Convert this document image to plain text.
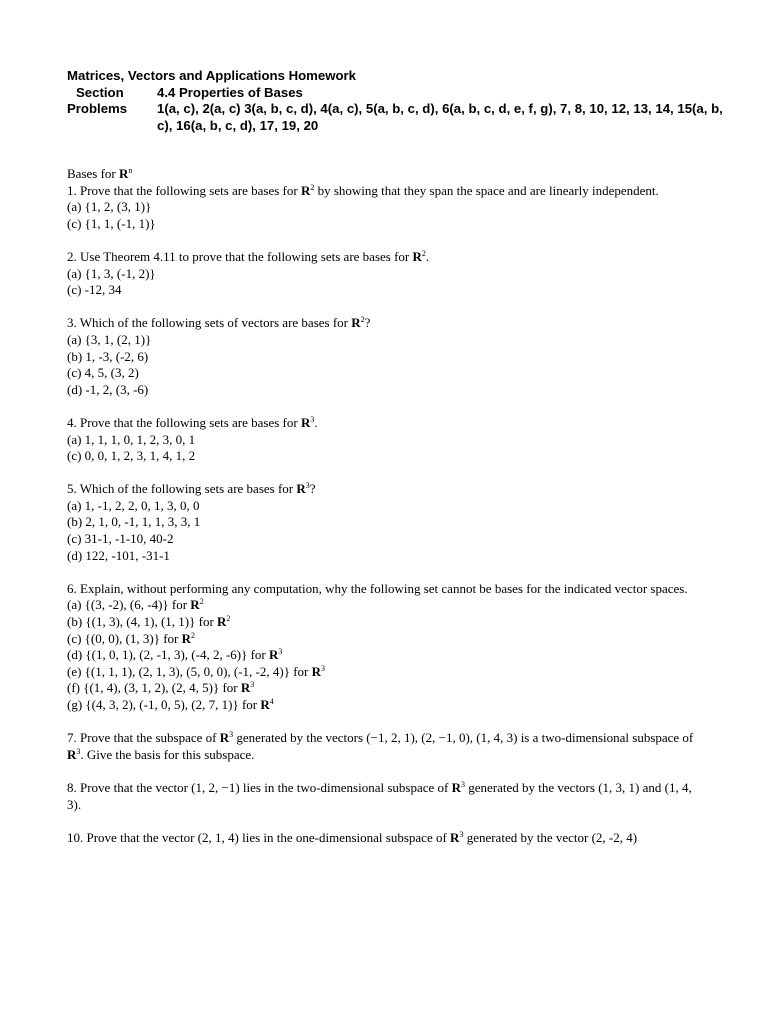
Matrices, Vectors and Applications Homework
Section	4.4 Properties of Bases
Problems	1(a, c), 2(a, c) 3(a, b, c, d), 4(a, c), 5(a, b, c, d), 6(a, b, c, d, e, f, g), 7, 8, 10, 12, 13, 14, 15(a, b, c), 16(a, b, c, d), 17, 19, 20
Bases for $R^n$
1. Prove that the following sets are bases for $R^2$ by showing that they span the space and are linearly independent.
(a) {1, 2, (3, 1)}
(c) {1, 1, (-1, 1)}
2. Use Theorem 4.11 to prove that the following sets are bases for $R^2$.
(a) {1, 3, (-1, 2)}
(c) -12, 34
3. Which of the following sets of vectors are bases for $R^2$?
(a) {3, 1, (2, 1)}
(b) 1, -3, (-2, 6)
(c) 4, 5, (3, 2)
(d) -1, 2, (3, -6)
4. Prove that the following sets are bases for $R^3$.
(a) 1, 1, 1, 0, 1, 2, 3, 0, 1
(c) 0, 0, 1, 2, 3, 1, 4, 1, 2
5. Which of the following sets are bases for $R^3$?
(a) 1, -1, 2, 2, 0, 1, 3, 0, 0
(b) 2, 1, 0, -1, 1, 1, 3, 3, 1
(c) 31-1, -1-10, 40-2
(d) 122, -101, -31-1
6. Explain, without performing any computation, why the following set cannot be bases for the indicated vector spaces.
(a) {(3, -2), (6, -4)} for $R^2$
(b) {(1, 3), (4, 1), (1, 1)} for $R^2$
(c) {(0, 0), (1, 3)} for $R^2$
(d) {(1, 0, 1), (2, -1, 3), (-4, 2, -6)} for $R^3$
(e) {(1, 1, 1), (2, 1, 3), (5, 0, 0), (-1, -2, 4)} for $R^3$
(f) {(1, 4), (3, 1, 2), (2, 4, 5)} for $R^3$
(g) {(4, 3, 2), (-1, 0, 5), (2, 7, 1)} for $R^4$
7. Prove that the subspace of $R^3$ generated by the vectors (−1, 2, 1), (2, −1, 0), (1, 4, 3) is a two-dimensional subspace of $R^3$. Give the basis for this subspace.
8. Prove that the vector (1, 2, −1) lies in the two-dimensional subspace of $R^3$ generated by the vectors (1, 3, 1) and (1, 4, 3).
10. Prove that the vector (2, 1, 4) lies in the one-dimensional subspace of $R^3$ generated by the vector (2, -2, 4)
